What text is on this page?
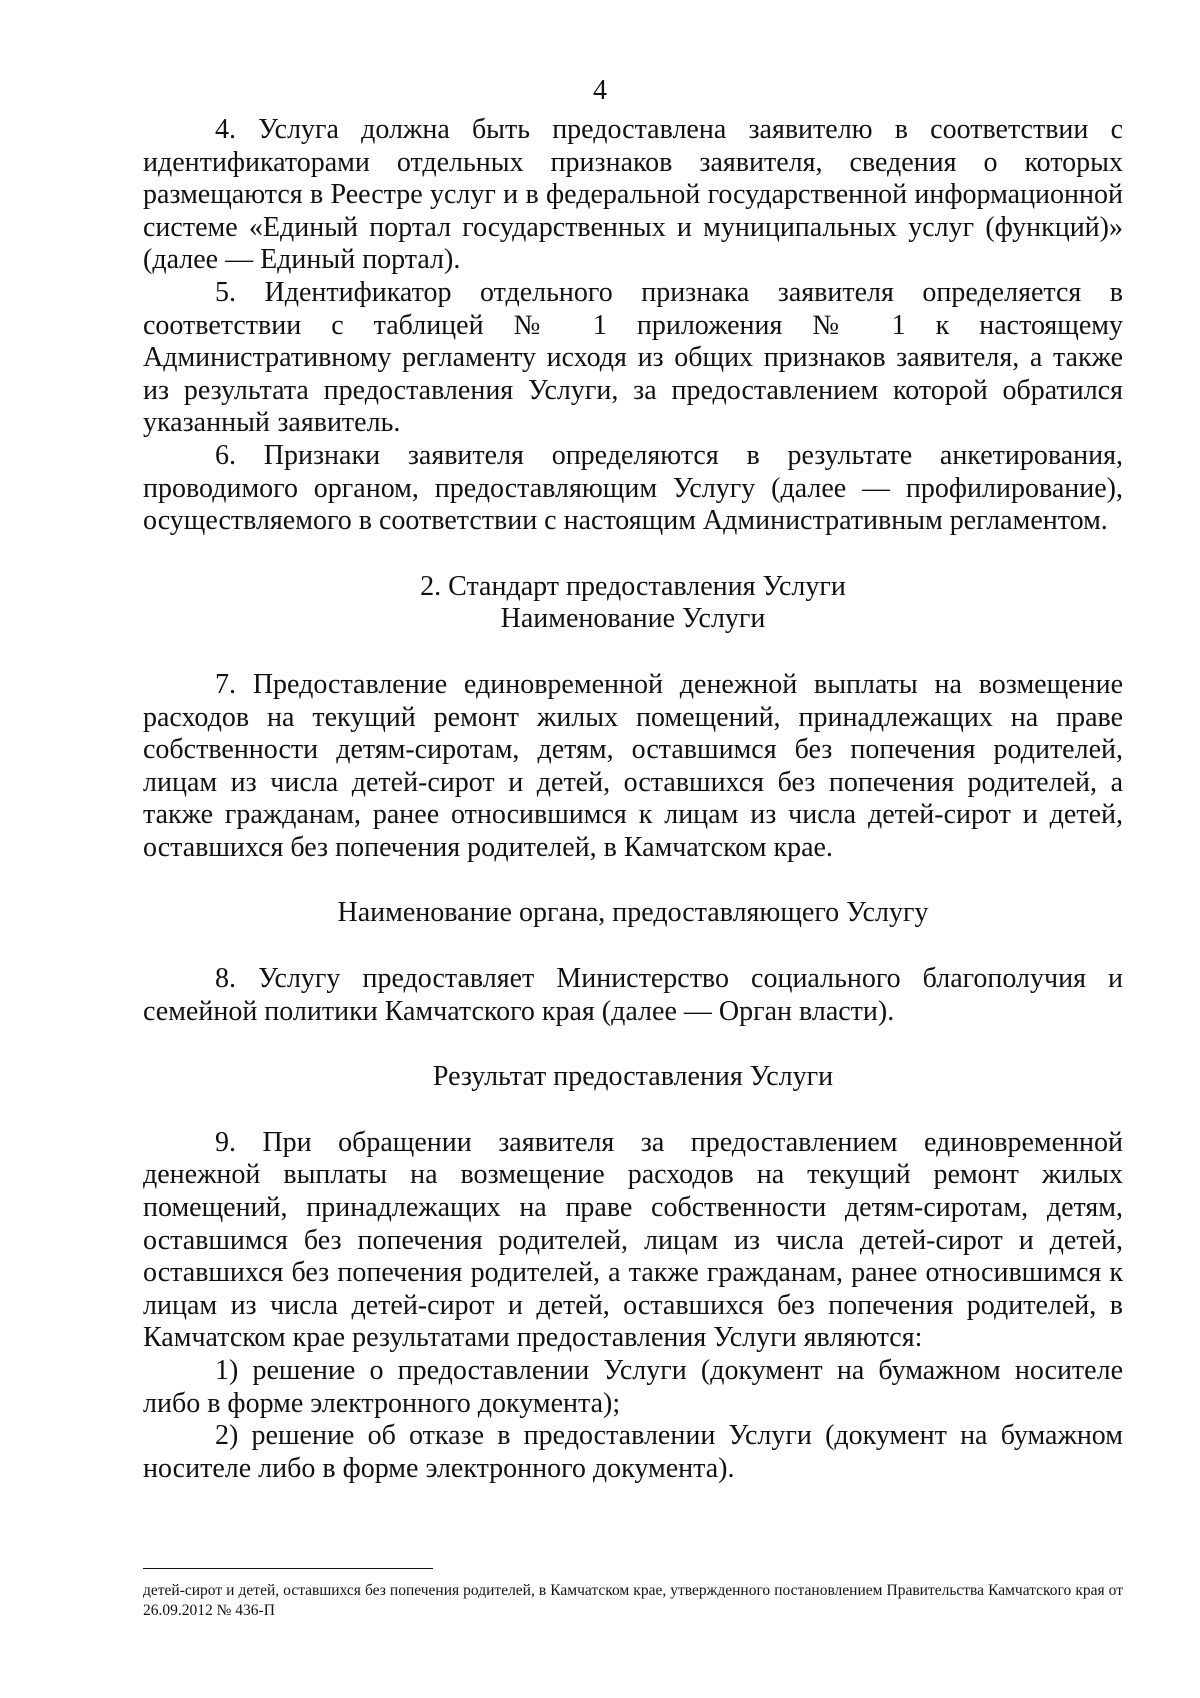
4

4. Услуга должна быть предоставлена заявителю в соответствии с идентификаторами отдельных признаков заявителя, сведения о которых размещаются в Реестре услуг и в федеральной государственной информационной системе «Единый портал государственных и муниципальных услуг (функций)» (далее — Единый портал).

5. Идентификатор отдельного признака заявителя определяется в соответствии с таблицей № 1 приложения № 1 к настоящему Административному регламенту исходя из общих признаков заявителя, а также из результата предоставления Услуги, за предоставлением которой обратился указанный заявитель.

6. Признаки заявителя определяются в результате анкетирования, проводимого органом, предоставляющим Услугу (далее — профилирование), осуществляемого в соответствии с настоящим Административным регламентом.

2. Стандарт предоставления Услуги
Наименование Услуги

7. Предоставление единовременной денежной выплаты на возмещение расходов на текущий ремонт жилых помещений, принадлежащих на праве собственности детям-сиротам, детям, оставшимся без попечения родителей, лицам из числа детей-сирот и детей, оставшихся без попечения родителей, а также гражданам, ранее относившимся к лицам из числа детей-сирот и детей, оставшихся без попечения родителей, в Камчатском крае.

Наименование органа, предоставляющего Услугу

8. Услугу предоставляет Министерство социального благополучия и семейной политики Камчатского края (далее — Орган власти).

Результат предоставления Услуги

9. При обращении заявителя за предоставлением единовременной денежной выплаты на возмещение расходов на текущий ремонт жилых помещений, принадлежащих на праве собственности детям-сиротам, детям, оставшимся без попечения родителей, лицам из числа детей-сирот и детей, оставшихся без попечения родителей, а также гражданам, ранее относившимся к лицам из числа детей-сирот и детей, оставшихся без попечения родителей, в Камчатском крае результатами предоставления Услуги являются:

1) решение о предоставлении Услуги (документ на бумажном носителе либо в форме электронного документа);

2) решение об отказе в предоставлении Услуги (документ на бумажном носителе либо в форме электронного документа).

детей-сирот и детей, оставшихся без попечения родителей, в Камчатском крае, утвержденного постановлением Правительства Камчатского края от 26.09.2012 № 436-П
